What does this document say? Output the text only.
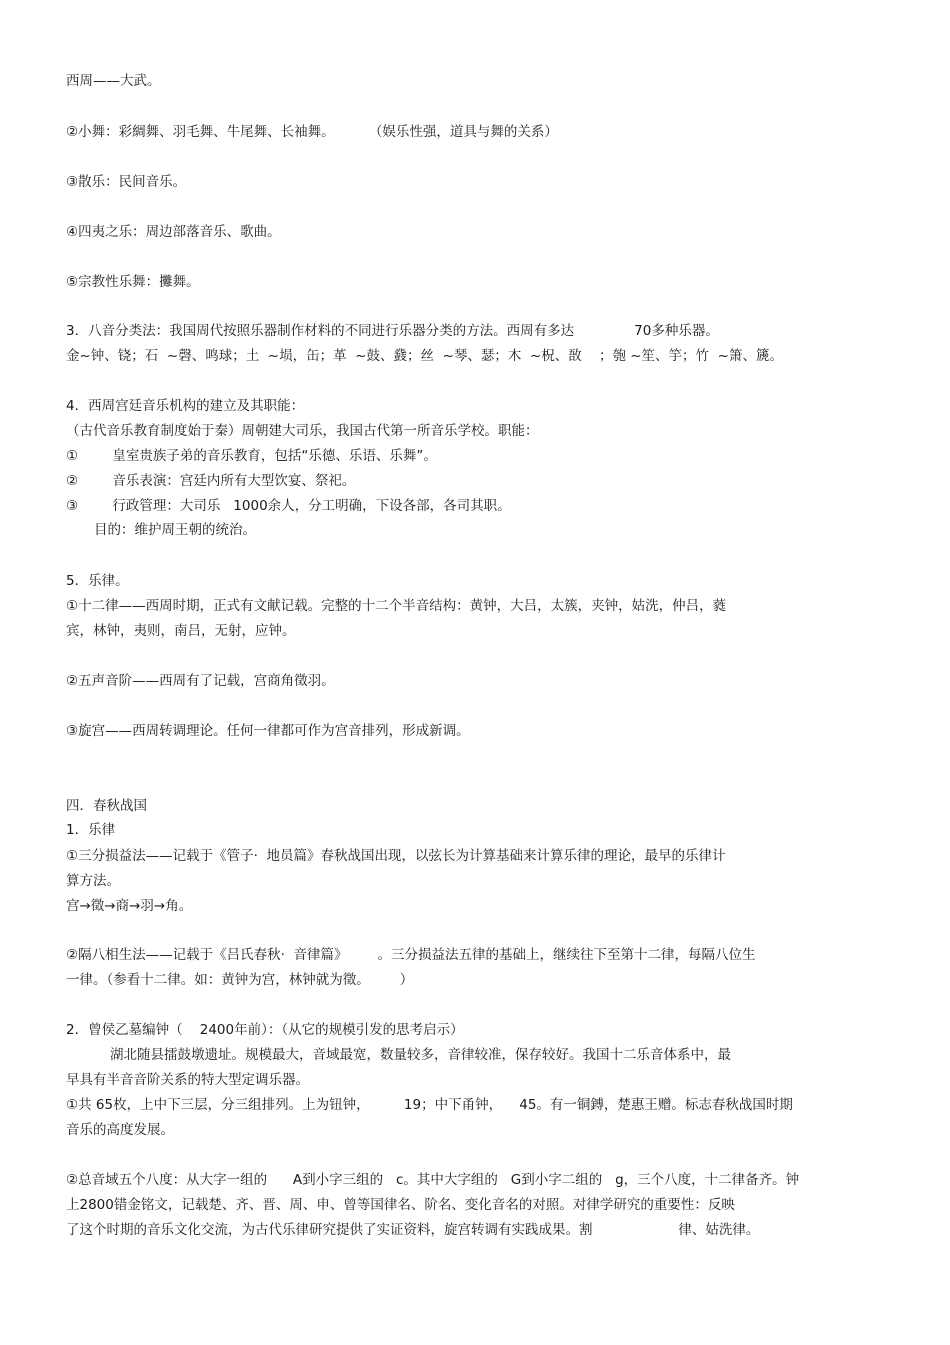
西周——大武。
②小舞：彩綢舞、羽毛舞、牛尾舞、长袖舞。        （娱乐性强，道具与舞的关系）
③散乐：民间音乐。
④四夷之乐：周边部落音乐、歌曲。
⑤宗教性乐舞：攤舞。
3．八音分类法：我国周代按照乐器制作材料的不同进行乐器分类的方法。西周有多达              70多种乐器。
金~钟、铙；石  ~磬、鸣球；土  ~埙，缶；革  ~鼓、鼗；丝  ~琴、瑟；木  ~柷、敔    ；匏 ~笙、竽；竹  ~箫、篪。
4．西周宫廷音乐机构的建立及其职能：
（古代音乐教育制度始于秦）周朝建大司乐，我国古代第一所音乐学校。职能：
①        皇室贵族子弟的音乐教育，包括“乐德、乐语、乐舞”。
②        音乐表演：宫廷内所有大型饮宴、祭祀。
③        行政管理：大司乐   1000余人，分工明确，下设各部，各司其职。
目的：维护周王朝的统治。
5．乐律。
①十二律——西周时期，正式有文献记载。完整的十二个半音结构：黄钟，大吕，太簇，夹钟，姑洗，仲吕，蕤
宾，林钟，夷则，南吕，无射，应钟。
②五声音阶——西周有了记载，宫商角徵羽。
③旋宫——西周转调理论。任何一律都可作为宫音排列，形成新调。
四．春秋战国
1．乐律
①三分损益法——记载于《管子·  地员篇》春秋战国出现，以弦长为计算基础来计算乐律的理论，最早的乐律计
算方法。
宫→徵→商→羽→角。
②隔八相生法——记载于《吕氏春秋·  音律篇》       。三分损益法五律的基础上，继续往下至第十二律，每隔八位生
一律。（参看十二律。如：黄钟为宫，林钟就为徵。       ）
2．曾侯乙墓编钟（    2400年前）：（从它的规模引发的思考启示）
湖北随县擂鼓墩遗址。规模最大，音域最宽，数量较多，音律较准，保存较好。我国十二乐音体系中，最
早具有半音音阶关系的特大型定调乐器。
①共 65枚，上中下三层，分三组排列。上为钮钟，        19；中下甬钟，    45。有一铜鎛，楚惠王赠。标志春秋战国时期
音乐的高度发展。
②总音域五个八度：从大字一组的      A到小字三组的   c。其中大字组的   G到小字二组的   g，三个八度，十二律备齐。钟
上2800错金铭文，记载楚、齐、晋、周、申、曾等国律名、阶名、变化音名的对照。对律学研究的重要性：反映
了这个时期的音乐文化交流，为古代乐律研究提供了实证资料，旋宫转调有实践成果。割                    律、姑洗律。
